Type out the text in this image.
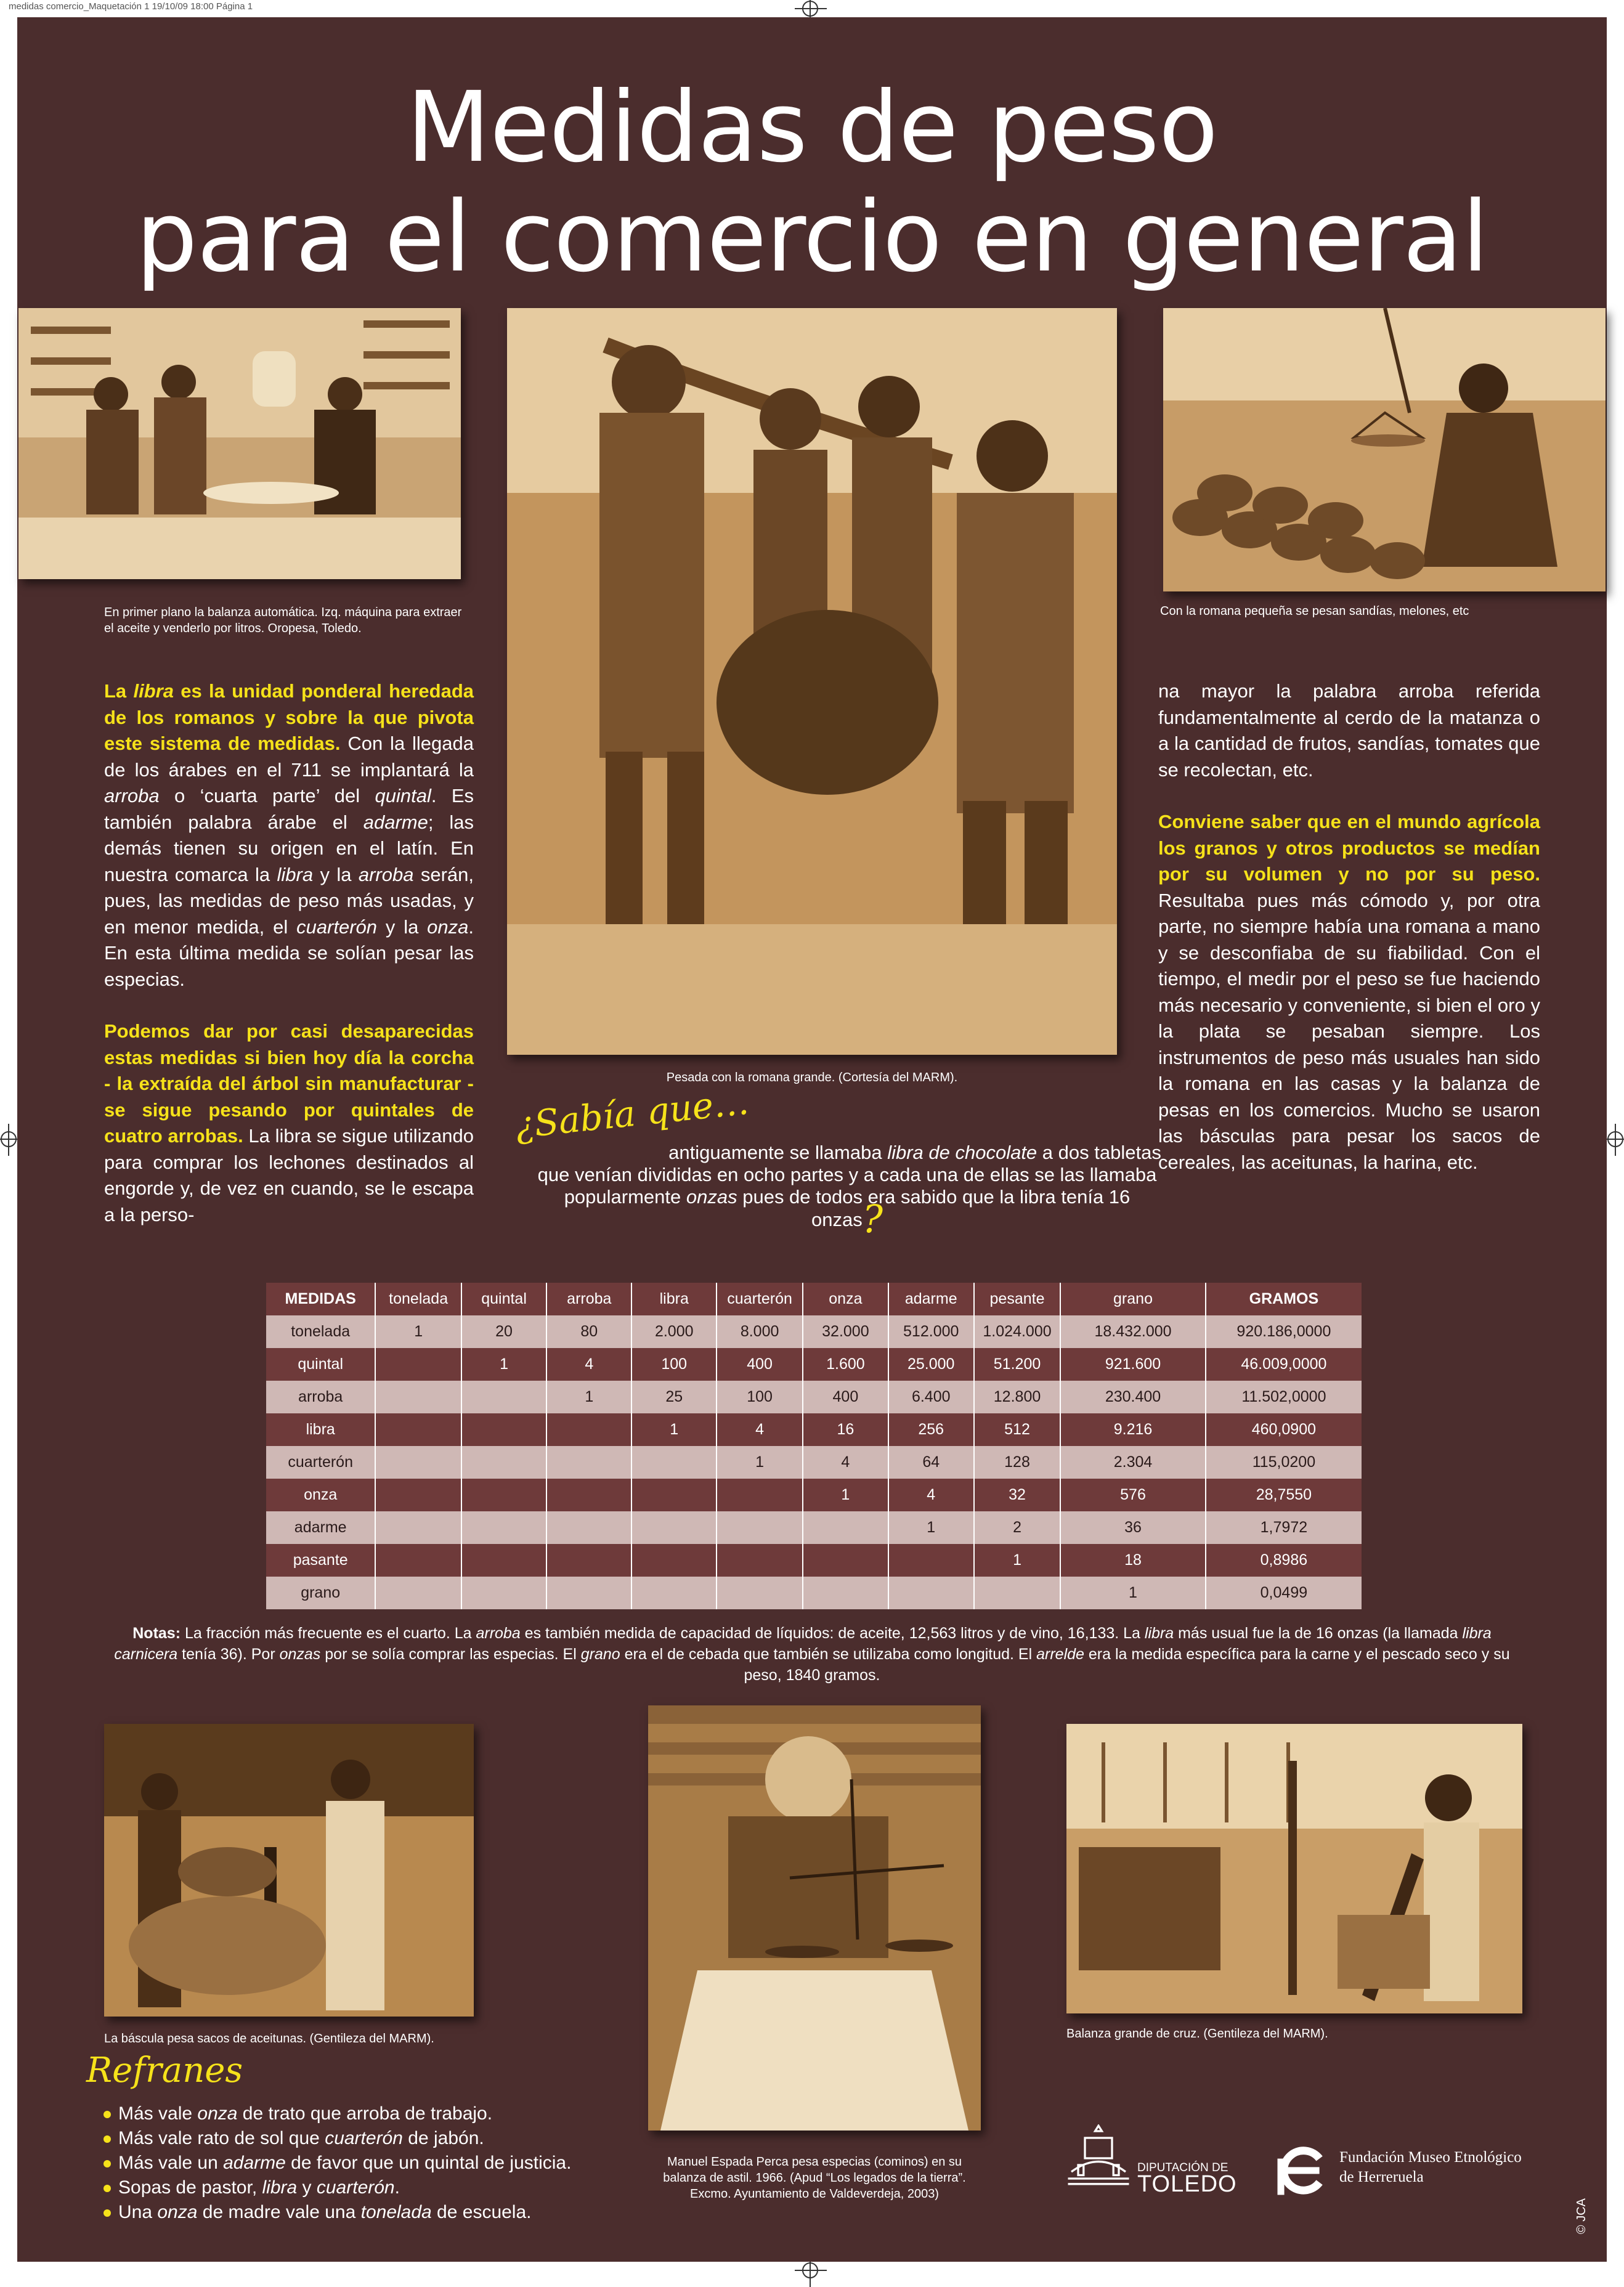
medidas comercio_Maquetación 1 19/10/09 18:00 Página 1
Medidas de peso
para el comercio en general
En primer plano la balanza automática. Izq. máquina para extraer el aceite y venderlo por litros. Oropesa, Toledo.
Pesada con la romana grande. (Cortesía del MARM).
Con la romana pequeña se pesan sandías, melones, etc

La libra es la unidad ponderal heredada de los romanos y sobre la que pivota este sistema de medidas. Con la llegada de los árabes en el 711 se implantará la arroba o ‘cuarta parte’ del quintal. Es también palabra árabe el adarme; las demás tienen su origen en el latín. En nuestra comarca la libra y la arroba serán, pues, las medidas de peso más usadas, y en menor medida, el cuarterón y la onza. En esta última medida se solían pesar las especias.

Podemos dar por casi desaparecidas estas medidas si bien hoy día la corcha - la extraída del árbol sin manufacturar - se sigue pesando por quintales de cuatro arrobas. La libra se sigue utilizando para comprar los lechones destinados al engorde y, de vez en cuando, se le escapa a la perso-

na mayor la palabra arroba referida fundamentalmente al cerdo de la matanza o a la cantidad de frutos, sandías, tomates que se recolectan, etc.

Conviene saber que en el mundo agrícola los granos y otros productos se medían por su volumen y no por su peso. Resultaba pues más cómodo y, por otra parte, no siempre había una romana a mano y se desconfiaba de su fiabilidad. Con el tiempo, el medir por el peso se fue haciendo más necesario y conveniente, si bien el oro y la plata se pesaban siempre. Los instrumentos de peso más usuales han sido la romana en las casas y la balanza de pesas en los comercios. Mucho se usaron las básculas para pesar los sacos de cereales, las aceitunas, la harina, etc.

¿Sabía que…
antiguamente se llamaba libra de chocolate a dos tabletas que venían divididas en ocho partes y a cada una de ellas se las llamaba popularmente onzas pues de todos era sabido que la libra tenía 16 onzas?
MEDIDAS	tonelada	quintal	arroba	libra	cuarterón	onza	adarme	pesante	grano	GRAMOS
tonelada	1	20	80	2.000	8.000	32.000	512.000	1.024.000	18.432.000	920.186,0000
quintal		1	4	100	400	1.600	25.000	51.200	921.600	46.009,0000
arroba			1	25	100	400	6.400	12.800	230.400	11.502,0000
libra				1	4	16	256	512	9.216	460,0900
cuarterón					1	4	64	128	2.304	115,0200
onza						1	4	32	576	28,7550
adarme							1	2	36	1,7972
pasante								1	18	0,8986
grano									1	0,0499
Notas: La fracción más frecuente es el cuarto. La arroba es también medida de capacidad de líquidos: de aceite, 12,563 litros y de vino, 16,133. La libra más usual fue la de 16 onzas (la llamada libra carnicera tenía 36). Por onzas por se solía comprar las especias. El grano era el de cebada que también se utilizaba como longitud. El arrelde era la medida específica para la carne y el pescado seco y su peso, 1840 gramos.
La báscula pesa sacos de aceitunas. (Gentileza del MARM).
Manuel Espada Perca pesa especias (cominos) en su balanza de astil. 1966. (Apud “Los legados de la tierra”. Excmo. Ayuntamiento de Valdeverdeja, 2003)
Balanza grande de cruz. (Gentileza del MARM).
Refranes
Más vale onza de trato que arroba de trabajo.
Más vale rato de sol que cuarterón de jabón.
Más vale un adarme de favor que un quintal de justicia.
Sopas de pastor, libra y cuarterón.
Una onza de madre vale una tonelada de escuela.
DIPUTACIÓN DE
TOLEDO
Fundación Museo Etnológico
de Herreruela
© JCA
